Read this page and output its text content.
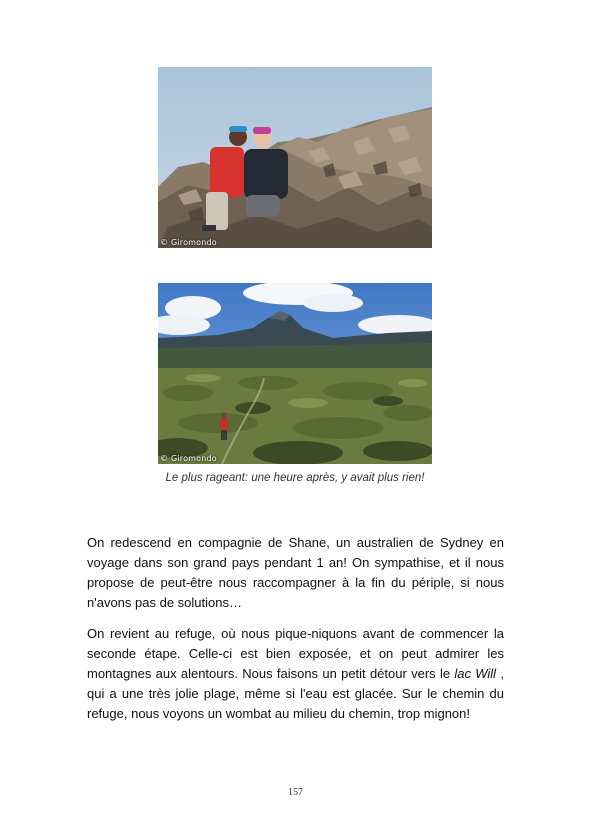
© Giromondo
© Giromondo
Le plus rageant: une heure après, y avait plus rien!

On redescend en compagnie de Shane, un australien de Sydney en voyage dans son grand pays pendant 1 an! On sympathise, et il nous propose de peut-être nous raccompagner à la fin du périple, si nous n'avons pas de solutions…

On revient au refuge, où nous pique-niquons avant de commencer la seconde étape. Celle-ci est bien exposée, et on peut admirer les montagnes aux alentours. Nous faisons un petit détour vers le lac Will , qui a une très jolie plage, même si l'eau est glacée. Sur le chemin du refuge, nous voyons un wombat au milieu du chemin, trop mignon!

157
